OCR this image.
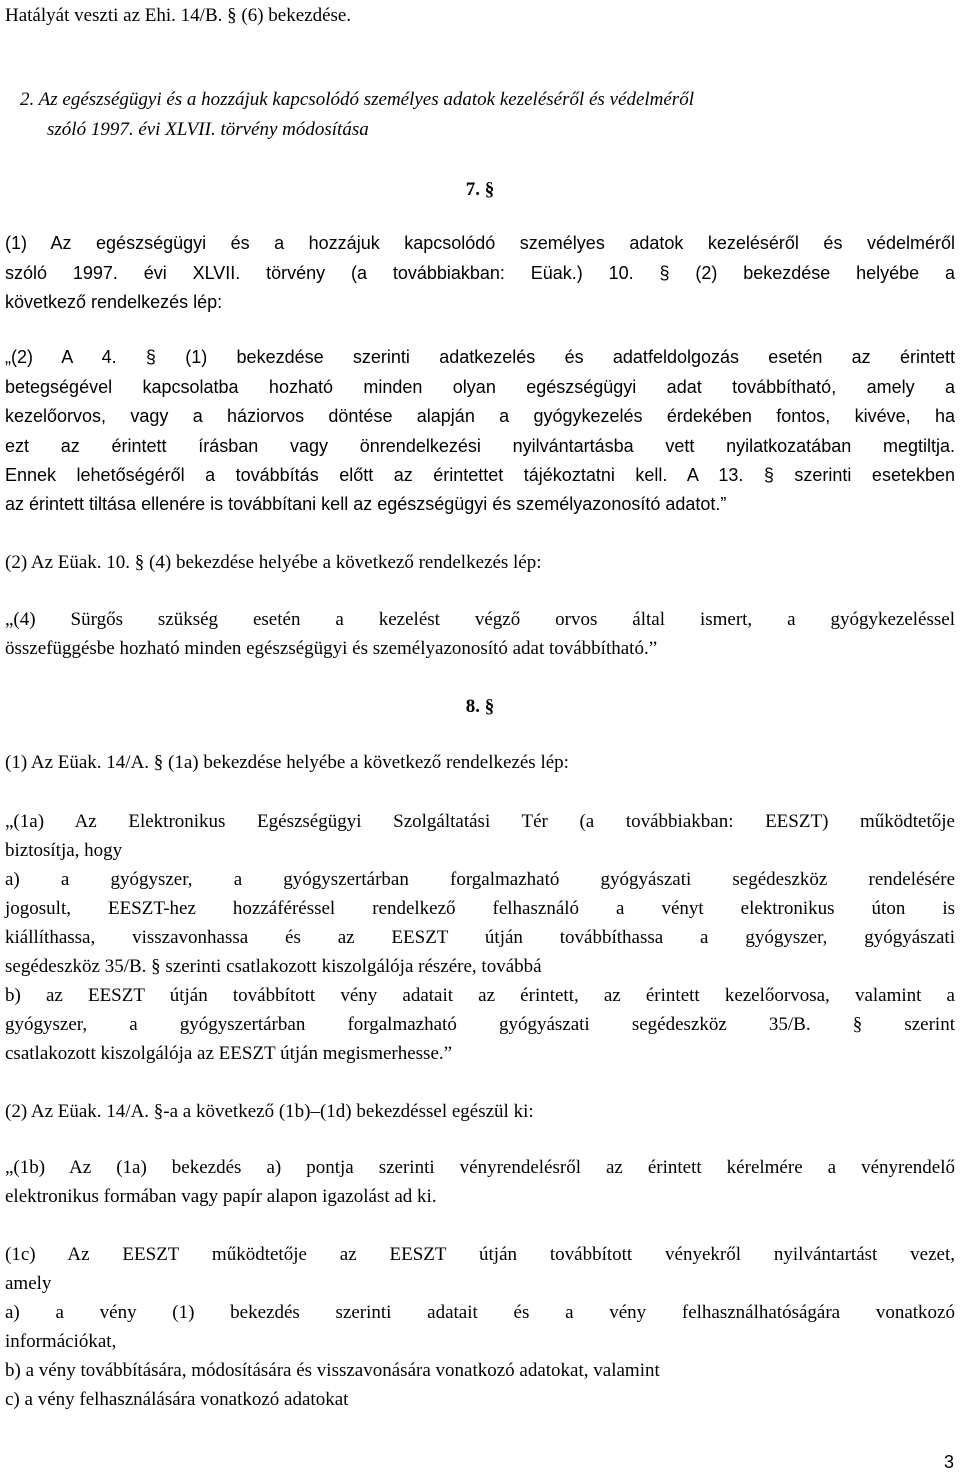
Hatályát veszti az Ehi. 14/B. § (6) bekezdése.
2. Az egészségügyi és a hozzájuk kapcsolódó személyes adatok kezeléséről és védelméről
szóló 1997. évi XLVII. törvény módosítása
7. §
(1) Az egészségügyi és a hozzájuk kapcsolódó személyes adatok kezeléséről és védelméről
szóló 1997. évi XLVII. törvény (a továbbiakban: Eüak.) 10. § (2) bekezdése helyébe a
következő rendelkezés lép:
„(2) A 4. § (1) bekezdése szerinti adatkezelés és adatfeldolgozás esetén az érintett
betegségével kapcsolatba hozható minden olyan egészségügyi adat továbbítható, amely a
kezelőorvos, vagy a háziorvos döntése alapján a gyógykezelés érdekében fontos, kivéve, ha
ezt az érintett írásban vagy önrendelkezési nyilvántartásba vett nyilatkozatában megtiltja.
Ennek lehetőségéről a továbbítás előtt az érintettet tájékoztatni kell. A 13. § szerinti esetekben
az érintett tiltása ellenére is továbbítani kell az egészségügyi és személyazonosító adatot.”
(2) Az Eüak. 10. § (4) bekezdése helyébe a következő rendelkezés lép:
„(4) Sürgős szükség esetén a kezelést végző orvos által ismert, a gyógykezeléssel
összefüggésbe hozható minden egészségügyi és személyazonosító adat továbbítható.”
8. §
(1) Az Eüak. 14/A. § (1a) bekezdése helyébe a következő rendelkezés lép:
„(1a) Az Elektronikus Egészségügyi Szolgáltatási Tér (a továbbiakban: EESZT) működtetője
biztosítja, hogy
a) a gyógyszer, a gyógyszertárban forgalmazható gyógyászati segédeszköz rendelésére
jogosult, EESZT-hez hozzáféréssel rendelkező felhasználó a vényt elektronikus úton is
kiállíthassa, visszavonhassa és az EESZT útján továbbíthassa a gyógyszer, gyógyászati
segédeszköz 35/B. § szerinti csatlakozott kiszolgálója részére, továbbá
b) az EESZT útján továbbított vény adatait az érintett, az érintett kezelőorvosa, valamint a
gyógyszer, a gyógyszertárban forgalmazható gyógyászati segédeszköz 35/B. § szerint
csatlakozott kiszolgálója az EESZT útján megismerhesse.”
(2) Az Eüak. 14/A. §-a a következő (1b)–(1d) bekezdéssel egészül ki:
„(1b) Az (1a) bekezdés a) pontja szerinti vényrendelésről az érintett kérelmére a vényrendelő
elektronikus formában vagy papír alapon igazolást ad ki.
(1c) Az EESZT működtetője az EESZT útján továbbított vényekről nyilvántartást vezet,
amely
a) a vény (1) bekezdés szerinti adatait és a vény felhasználhatóságára vonatkozó
információkat,
b) a vény továbbítására, módosítására és visszavonására vonatkozó adatokat, valamint
c) a vény felhasználására vonatkozó adatokat
3
